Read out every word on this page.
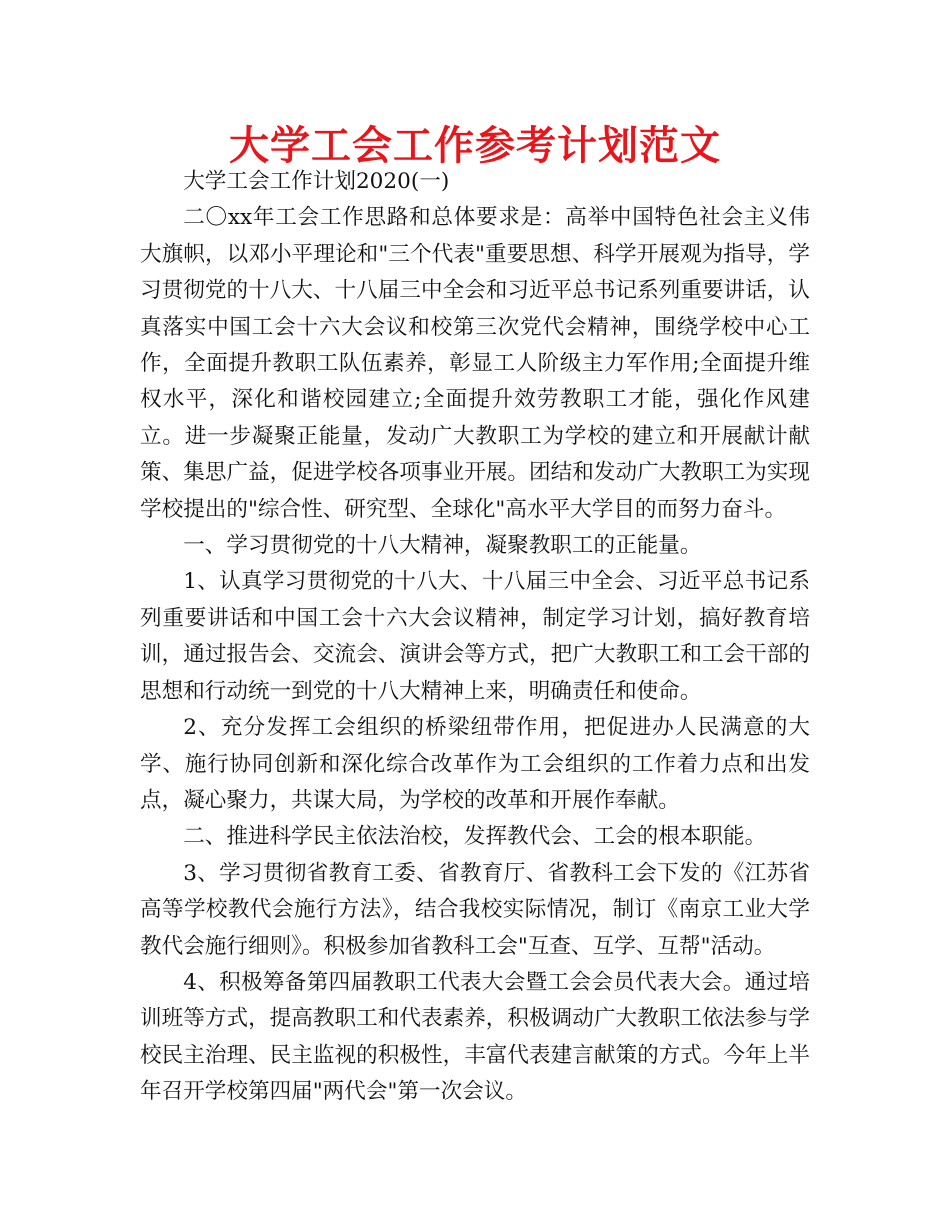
大学工会工作参考计划范文

大学工会工作计划2020(一)

二〇xx年工会工作思路和总体要求是：高举中国特色社会主义伟大旗帜，以邓小平理论和"三个代表"重要思想、科学开展观为指导，学习贯彻党的十八大、十八届三中全会和习近平总书记系列重要讲话，认真落实中国工会十六大会议和校第三次党代会精神，围绕学校中心工作，全面提升教职工队伍素养，彰显工人阶级主力军作用;全面提升维权水平，深化和谐校园建立;全面提升效劳教职工才能，强化作风建立。进一步凝聚正能量，发动广大教职工为学校的建立和开展献计献策、集思广益，促进学校各项事业开展。团结和发动广大教职工为实现学校提出的"综合性、研究型、全球化"高水平大学目的而努力奋斗。

一、学习贯彻党的十八大精神，凝聚教职工的正能量。

1、认真学习贯彻党的十八大、十八届三中全会、习近平总书记系列重要讲话和中国工会十六大会议精神，制定学习计划，搞好教育培训，通过报告会、交流会、演讲会等方式，把广大教职工和工会干部的思想和行动统一到党的十八大精神上来，明确责任和使命。

2、充分发挥工会组织的桥梁纽带作用，把促进办人民满意的大学、施行协同创新和深化综合改革作为工会组织的工作着力点和出发点，凝心聚力，共谋大局，为学校的改革和开展作奉献。

二、推进科学民主依法治校，发挥教代会、工会的根本职能。

3、学习贯彻省教育工委、省教育厅、省教科工会下发的《江苏省高等学校教代会施行方法》，结合我校实际情况，制订《南京工业大学教代会施行细则》。积极参加省教科工会"互查、互学、互帮"活动。

4、积极筹备第四届教职工代表大会暨工会会员代表大会。通过培训班等方式，提高教职工和代表素养，积极调动广大教职工依法参与学校民主治理、民主监视的积极性，丰富代表建言献策的方式。今年上半年召开学校第四届"两代会"第一次会议。
